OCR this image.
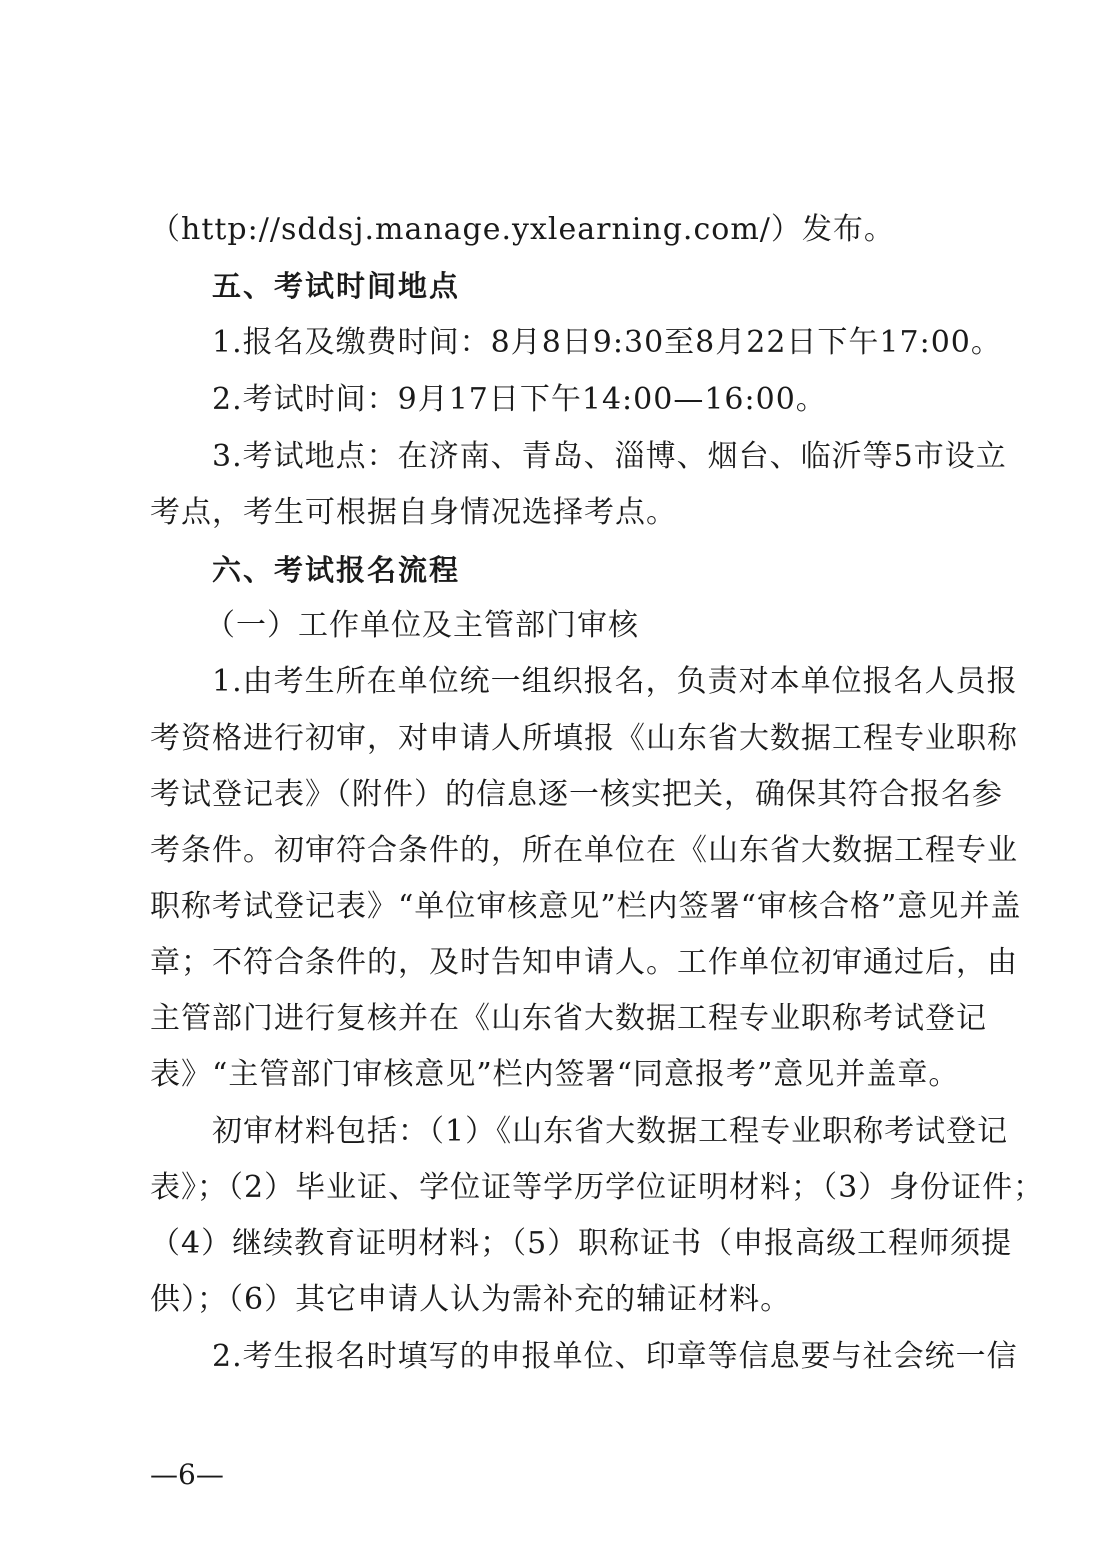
（http://sddsj.manage.yxlearning.com/）发布。
五、考试时间地点
1.报名及缴费时间：8月8日9:30至8月22日下午17:00。
2.考试时间：9月17日下午14:00—16:00。
3.考试地点：在济南、青岛、淄博、烟台、临沂等5市设立
考点，考生可根据自身情况选择考点。
六、考试报名流程
（一）工作单位及主管部门审核
1.由考生所在单位统一组织报名，负责对本单位报名人员报
考资格进行初审，对申请人所填报《山东省大数据工程专业职称
考试登记表》（附件）的信息逐一核实把关，确保其符合报名参
考条件。初审符合条件的，所在单位在《山东省大数据工程专业
职称考试登记表》“单位审核意见”栏内签署“审核合格”意见并盖
章；不符合条件的，及时告知申请人。工作单位初审通过后，由
主管部门进行复核并在《山东省大数据工程专业职称考试登记
表》“主管部门审核意见”栏内签署“同意报考”意见并盖章。
初审材料包括：（1）《山东省大数据工程专业职称考试登记
表》；（2）毕业证、学位证等学历学位证明材料；（3）身份证件；
（4）继续教育证明材料；（5）职称证书（申报高级工程师须提
供）；（6）其它申请人认为需补充的辅证材料。
2.考生报名时填写的申报单位、印章等信息要与社会统一信
—6—
